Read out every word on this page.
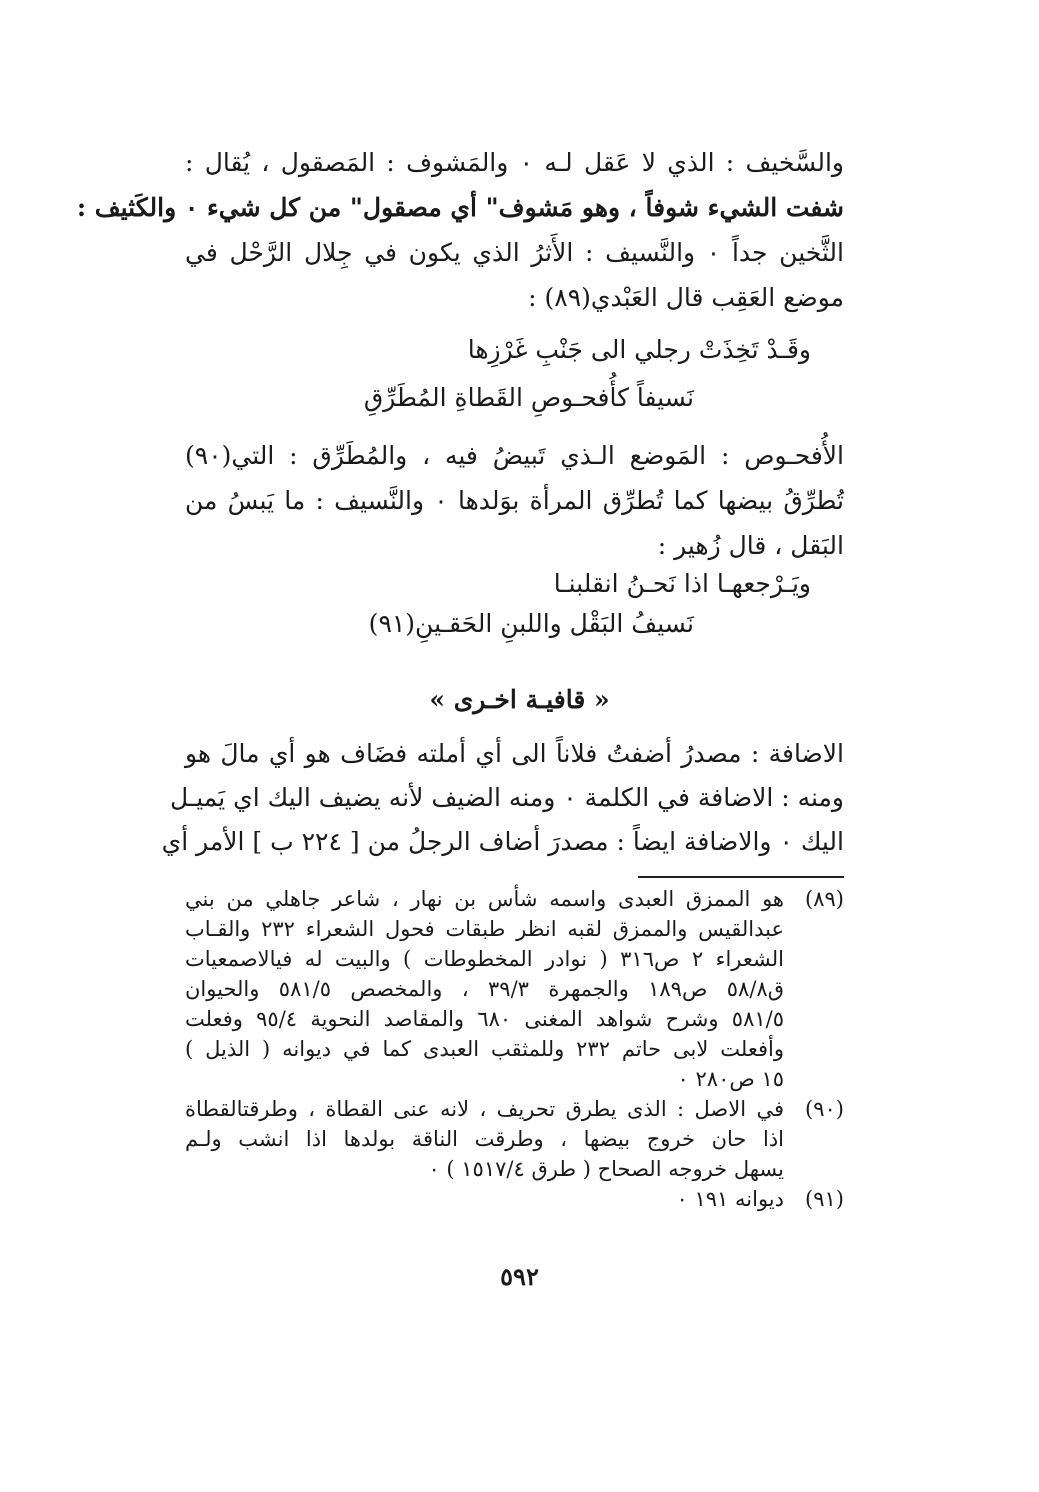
والسَّخيف : الذي لا عَقل لـه ٠ والمَشوف : المَصقول ، يُقال :
شفت الشيء شوفاً ، وهو مَشوف" أي مصقول" من كل شيء ٠ والكَثيف :
الثَّخين جداً ٠ والنَّسيف : الأَثرُ الذي يكون في جِلال الرَّحْل في
موضع العَقِب قال العَبْدي(٨٩) :
وقَـدْ تَخِذَتْ رجلي الى جَنْبِ غَرْزِها
نَسيفاً كأُفحـوصِ القَطاةِ المُطَرِّقِ
الأُفحـوص : المَوضع الـذي تَبيضُ فيه ، والمُطَرِّق : التي(٩٠)
تُطرِّقُ بيضها كما تُطرِّق المرأة بوَلدها ٠ والنَّسيف : ما يَبسُ من
البَقل ، قال زُهير :
ويَـرْجعهـا اذا نَحـنُ انقلبنـا
نَسيفُ البَقْل واللبنِ الحَقـينِ(٩١)
« قافيـة اخـرى »
الاضافة : مصدرُ أضفتُ فلاناً الى أي أملته فضَاف هو أي مالَ هو
ومنه : الاضافة في الكلمة ٠ ومنه الضيف لأنه يضيف اليك اي يَميـل
اليك ٠ والاضافة ايضاً : مصدرَ أضاف الرجلُ من [ ٢٢٤ ب ] الأمر أي
(٨٩)
هو الممزق العبدى واسمه شأس بن نهار ، شاعر جاهلي من بني
عبدالقيس والممزق لقبه انظر طبقات فحول الشعراء ٢٣٢ والقـاب
الشعراء ٢ ص٣١٦ ( نوادر المخطوطات ) والبيت له فيالاصمعيات
ق٥٨/٨ ص١٨٩ والجمهرة ٣٩/٣ ، والمخصص ٥٨١/٥ والحيوان
٥٨١/٥ وشرح شواهد المغنى ٦٨٠ والمقاصد النحوية ٩٥/٤ وفعلت
وأفعلت لابى حاتم ٢٣٢ وللمثقب العبدى كما في ديوانه ( الذيل )
١٥ ص٢٨٠ ٠
(٩٠)
في الاصل : الذى يطرق تحريف ، لانه عنى القطاة ، وطرقتالقطاة
اذا حان خروج بيضها ، وطرقت الناقة بولدها اذا انشب ولـم
يسهل خروجه الصحاح ( طرق ١٥١٧/٤ ) ٠
(٩١)
ديوانه ١٩١ ٠
٥٩٢
